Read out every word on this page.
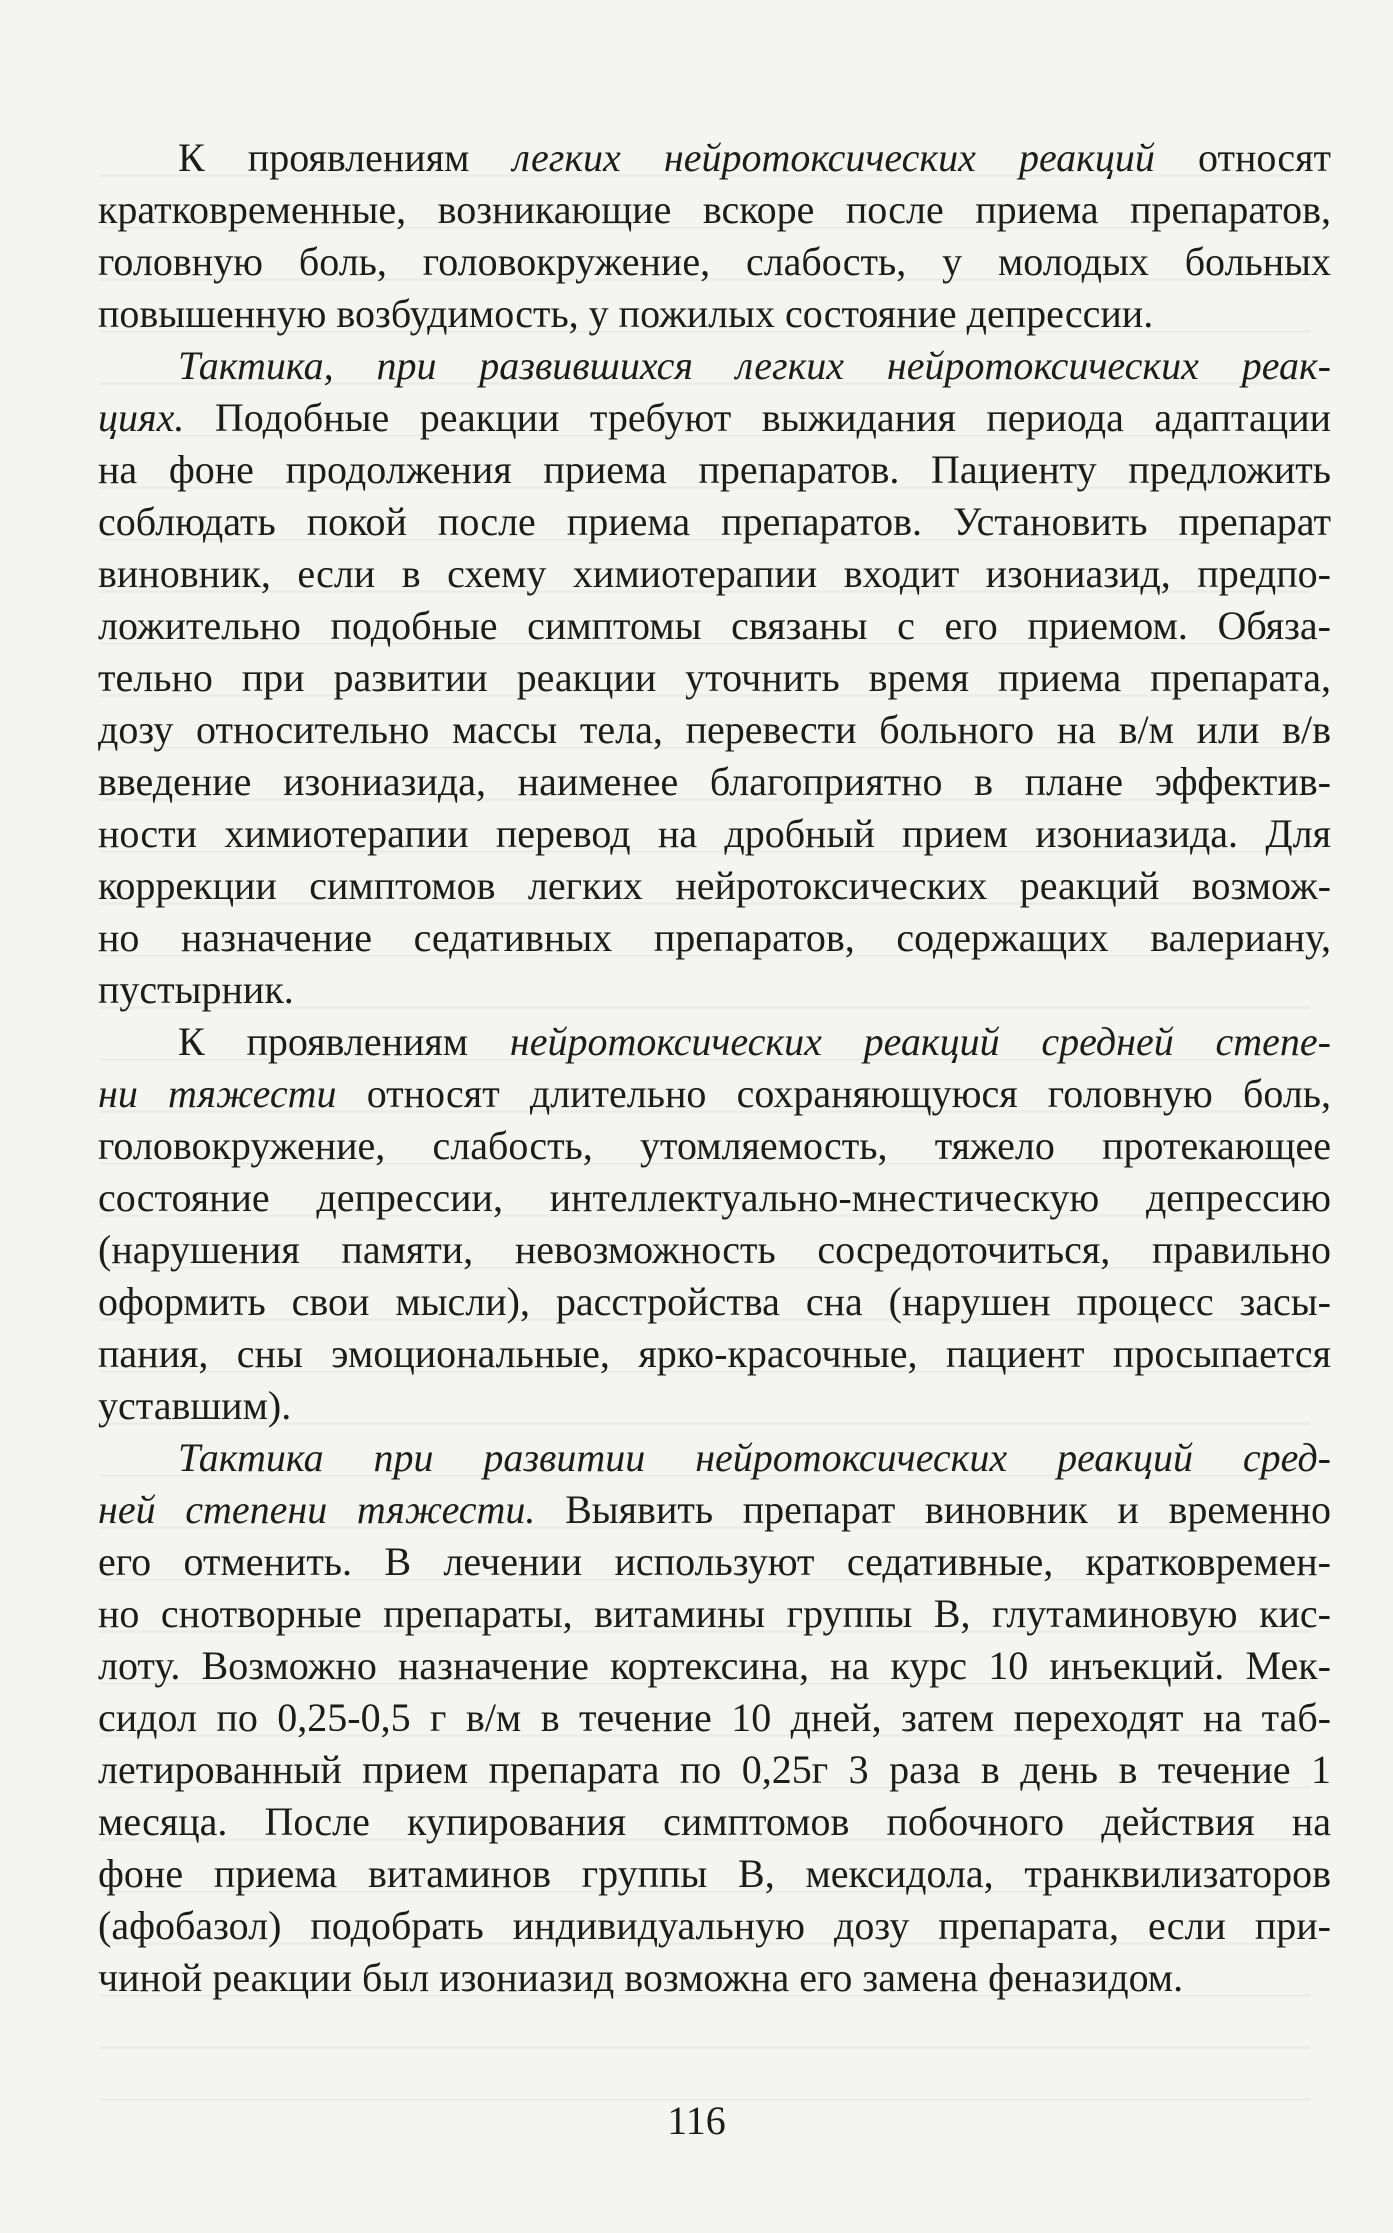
К проявлениям легких нейротоксических реакций относят
кратковременные, возникающие вскоре после приема препаратов,
головную боль, головокружение, слабость, у молодых больных
повышенную возбудимость, у пожилых состояние депрессии.
Тактика, при развившихся легких нейротоксических реак-
циях. Подобные реакции требуют выжидания периода адаптации
на фоне продолжения приема препаратов. Пациенту предложить
соблюдать покой после приема препаратов. Установить препарат
виновник, если в схему химиотерапии входит изониазид, предпо-
ложительно подобные симптомы связаны с его приемом. Обяза-
тельно при развитии реакции уточнить время приема препарата,
дозу относительно массы тела, перевести больного на в/м или в/в
введение изониазида, наименее благоприятно в плане эффектив-
ности химиотерапии перевод на дробный прием изониазида. Для
коррекции симптомов легких нейротоксических реакций возмож-
но назначение седативных препаратов, содержащих валериану,
пустырник.
К проявлениям нейротоксических реакций средней степе-
ни тяжести относят длительно сохраняющуюся головную боль,
головокружение, слабость, утомляемость, тяжело протекающее
состояние депрессии, интеллектуально-мнестическую депрессию
(нарушения памяти, невозможность сосредоточиться, правильно
оформить свои мысли), расстройства сна (нарушен процесс засы-
пания, сны эмоциональные, ярко-красочные, пациент просыпается
уставшим).
Тактика при развитии нейротоксических реакций сред-
ней степени тяжести. Выявить препарат виновник и временно
его отменить. В лечении используют седативные, кратковремен-
но снотворные препараты, витамины группы В, глутаминовую кис-
лоту. Возможно назначение кортексина, на курс 10 инъекций. Мек-
сидол по 0,25-0,5 г в/м в течение 10 дней, затем переходят на таб-
летированный прием препарата по 0,25г 3 раза в день в течение 1
месяца. После купирования симптомов побочного действия на
фоне приема витаминов группы В, мексидола, транквилизаторов
(афобазол) подобрать индивидуальную дозу препарата, если при-
чиной реакции был изониазид возможна его замена феназидом.
116
